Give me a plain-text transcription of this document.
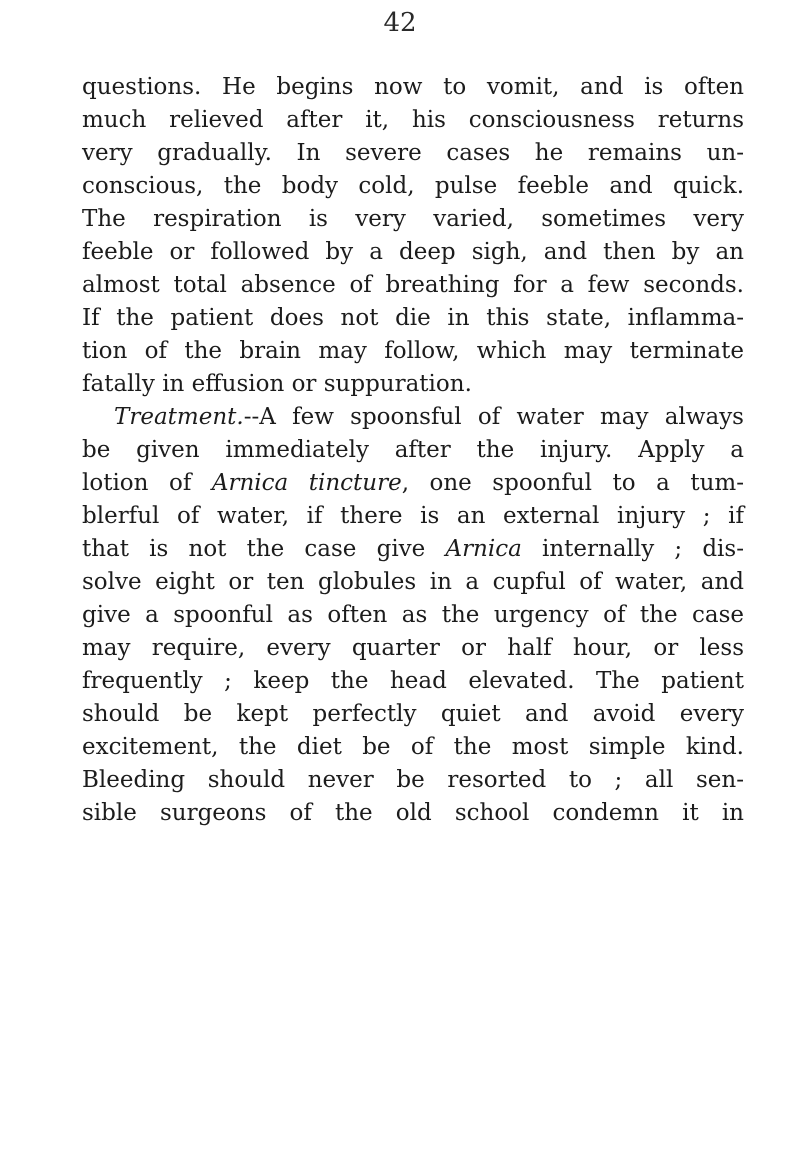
42
questions. He begins now to vomit, and is often
much relieved after it, his consciousness returns
very gradually. In severe cases he remains un-
conscious, the body cold, pulse feeble and quick.
The respiration is very varied, sometimes very
feeble or followed by a deep sigh, and then by an
almost total absence of breathing for a few seconds.
If the patient does not die in this state, inflamma-
tion of the brain may follow, which may terminate
fatally in effusion or suppuration.
Treatment.--A few spoonsful of water may always
be given immediately after the injury. Apply a
lotion of Arnica tincture, one spoonful to a tum-
blerful of water, if there is an external injury ; if
that is not the case give Arnica internally ; dis-
solve eight or ten globules in a cupful of water, and
give a spoonful as often as the urgency of the case
may require, every quarter or half hour, or less
frequently ; keep the head elevated. The patient
should be kept perfectly quiet and avoid every
excitement, the diet be of the most simple kind.
Bleeding should never be resorted to ; all sen-
sible surgeons of the old school condemn it in
